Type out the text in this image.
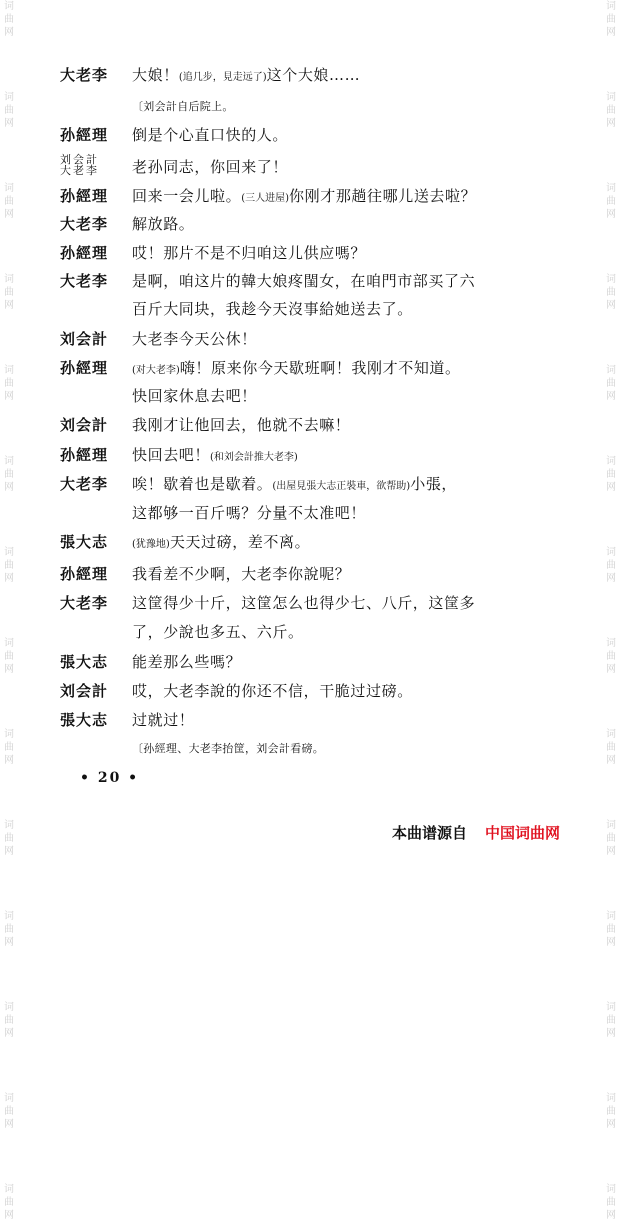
词曲网
词曲网
词曲网
词曲网
词曲网
词曲网
词曲网
词曲网
词曲网
词曲网
词曲网
词曲网
词曲网
词曲网
词曲网
词曲网
词曲网
词曲网
词曲网
词曲网
词曲网
词曲网
词曲网
词曲网
词曲网
词曲网
词曲网
词曲网
大老李 大娘！(追几步，見走远了)这个大娘……
〔刘会計自后院上。
孙經理 倒是个心直口快的人。
刘会計
大老李 老孙同志，你回来了！
孙經理 回来一会儿啦。(三人进屋)你刚才那趟往哪儿送去啦？
大老李 解放路。
孙經理 哎！那片不是不归咱这儿供应嗎？
大老李 是啊，咱这片的韓大娘疼閨女，在咱門市部买了六
百斤大同块，我趁今天沒事給她送去了。
刘会計 大老李今天公休！
孙經理 (对大老李)嗨！原来你今天歇班啊！我刚才不知道。
快回家休息去吧！
刘会計 我刚才让他回去，他就不去嘛！
孙經理 快回去吧！(和刘会計推大老李)
大老李 唉！歇着也是歇着。(出屋見張大志正裝車，欲帮助)小張，
这都够一百斤嗎？分量不太准吧！
張大志 (犹豫地)天天过磅，差不离。
孙經理 我看差不少啊，大老李你說呢？
大老李 这筐得少十斤，这筐怎么也得少七、八斤，这筐多
了，少說也多五、六斤。
張大志 能差那么些嗎？
刘会計 哎，大老李說的你还不信，干脆过过磅。
張大志 过就过！
〔孙經理、大老李抬筐，刘会計看磅。
• 20 •
本曲谱源自 中国词曲网
